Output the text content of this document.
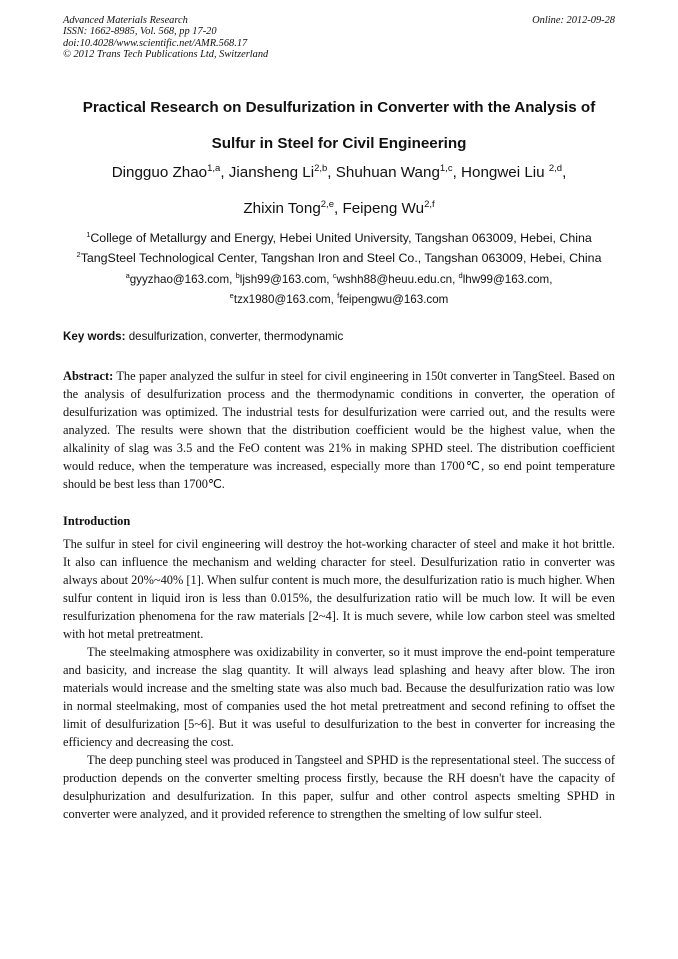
Advanced Materials Research
ISSN: 1662-8985, Vol. 568, pp 17-20
doi:10.4028/www.scientific.net/AMR.568.17
© 2012 Trans Tech Publications Ltd, Switzerland
Online: 2012-09-28
Practical Research on Desulfurization in Converter with the Analysis of
Sulfur in Steel for Civil Engineering
Dingguo Zhao$^{1,a}$, Jiansheng Li$^{2,b}$, Shuhuan Wang$^{1,c}$, Hongwei Liu $^{2,d}$,
Zhixin Tong$^{2,e}$, Feipeng Wu$^{2,f}$
$^1$College of Metallurgy and Energy, Hebei United University, Tangshan 063009, Hebei, China
$^2$TangSteel Technological Center, Tangshan Iron and Steel Co., Tangshan 063009, Hebei, China
$^a$gyyzhao@163.com, $^b$ljsh99@163.com, $^c$wshh88@heuu.edu.cn, $^d$lhw99@163.com,
$^e$tzx1980@163.com, $^f$feipengwu@163.com
Key words: desulfurization, converter, thermodynamic
Abstract: The paper analyzed the sulfur in steel for civil engineering in 150t converter in TangSteel. Based on the analysis of desulfurization process and the thermodynamic conditions in converter, the operation of desulfurization was optimized. The industrial tests for desulfurization were carried out, and the results were analyzed. The results were shown that the distribution coefficient would be the highest value, when the alkalinity of slag was 3.5 and the FeO content was 21% in making SPHD steel. The distribution coefficient would reduce, when the temperature was increased, especially more than 1700℃, so end point temperature should be best less than 1700℃.
Introduction

The sulfur in steel for civil engineering will destroy the hot-working character of steel and make it hot brittle. It also can influence the mechanism and welding character for steel. Desulfurization ratio in converter was always about 20%~40% [1]. When sulfur content is much more, the desulfurization ratio is much higher. When sulfur content in liquid iron is less than 0.015%, the desulfurization ratio will be much low. It will be even resulfurization phenomena for the raw materials [2~4]. It is much severe, while low carbon steel was smelted with hot metal pretreatment.

The steelmaking atmosphere was oxidizability in converter, so it must improve the end-point temperature and basicity, and increase the slag quantity. It will always lead splashing and heavy after blow. The iron materials would increase and the smelting state was also much bad. Because the desulfurization ratio was low in normal steelmaking, most of companies used the hot metal pretreatment and second refining to offset the limit of desulfurization [5~6]. But it was useful to desulfurization to the best in converter for increasing the efficiency and decreasing the cost.

The deep punching steel was produced in Tangsteel and SPHD is the representational steel. The success of production depends on the converter smelting process firstly, because the RH doesn't have the capacity of desulphurization and desulfurization. In this paper, sulfur and other control aspects smelting SPHD in converter were analyzed, and it provided reference to strengthen the smelting of low sulfur steel.
